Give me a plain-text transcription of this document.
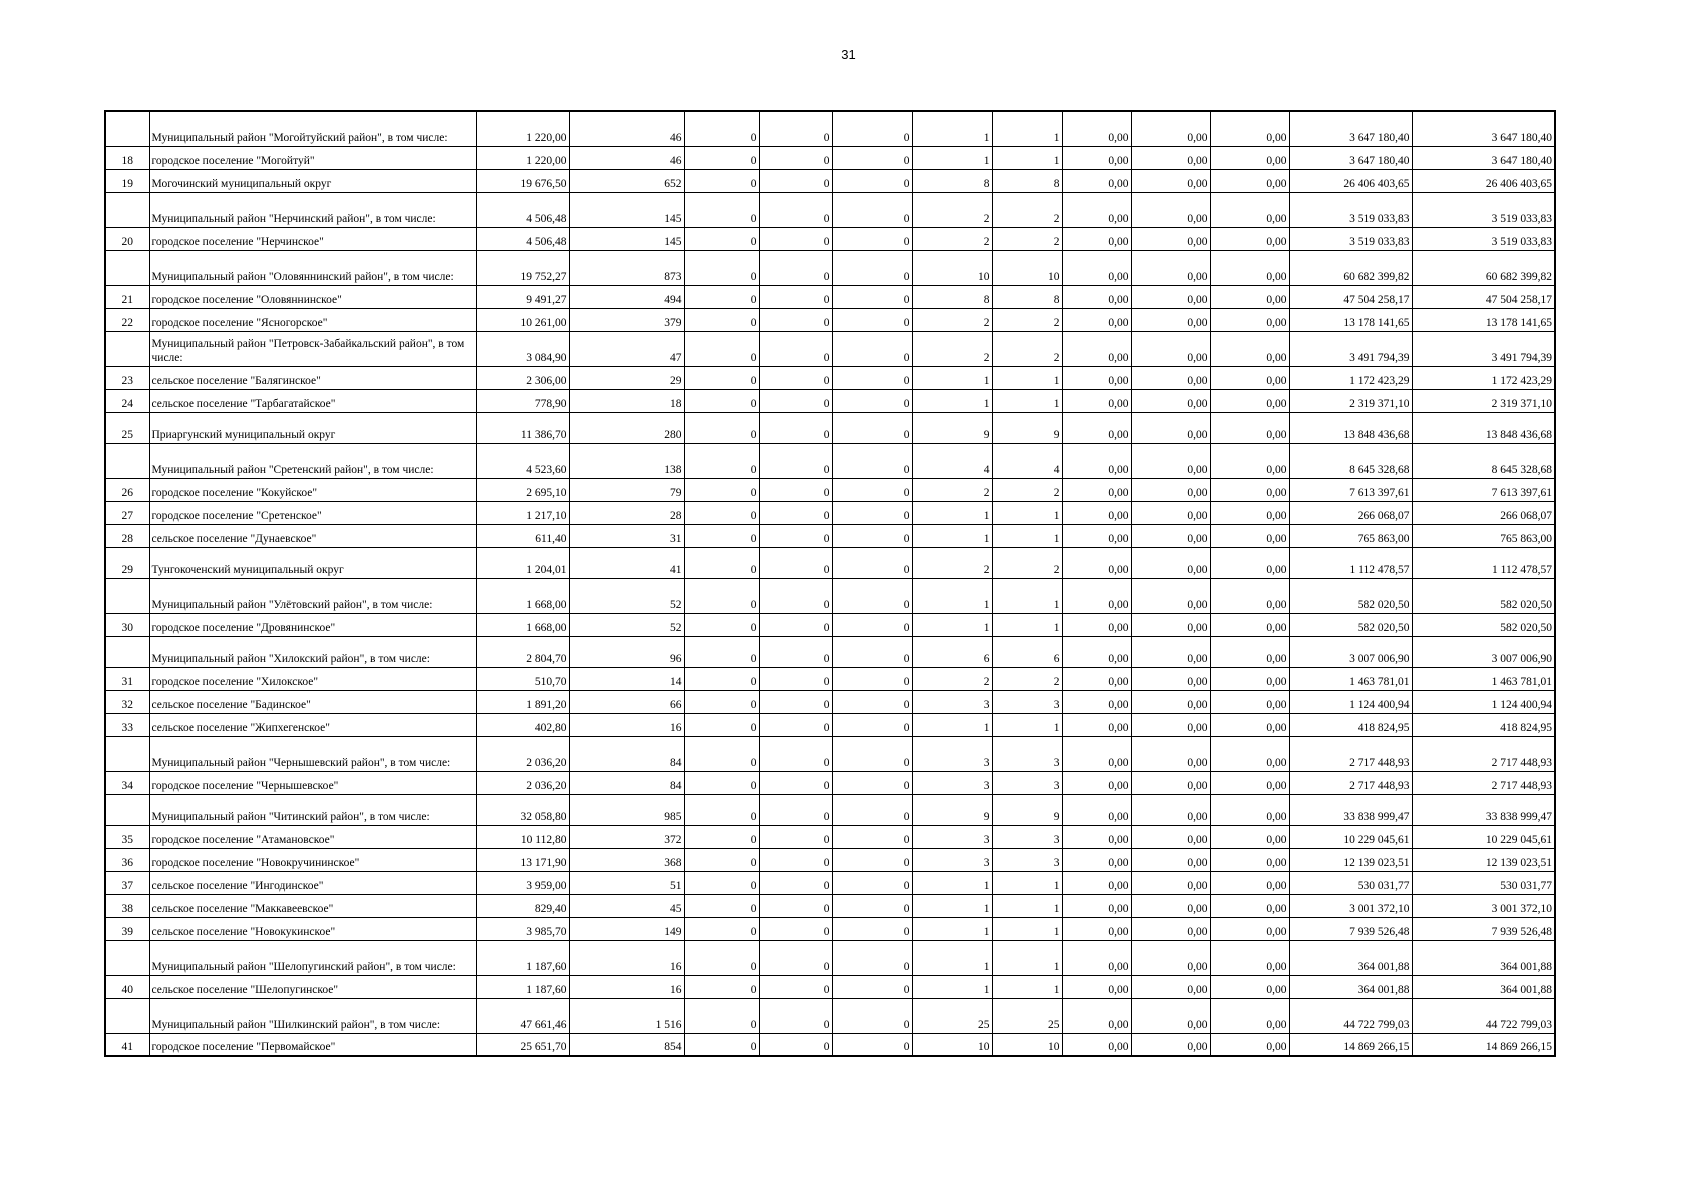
31
	Муниципальный район "Могойтуйский район", в том числе:	1 220,00	46	0	0	0	1	1	0,00	0,00	0,00	3 647 180,40	3 647 180,40
18	городское поселение "Могойтуй"	1 220,00	46	0	0	0	1	1	0,00	0,00	0,00	3 647 180,40	3 647 180,40
19	Могочинский муниципальный округ	19 676,50	652	0	0	0	8	8	0,00	0,00	0,00	26 406 403,65	26 406 403,65
	Муниципальный район "Нерчинский район", в том числе:	4 506,48	145	0	0	0	2	2	0,00	0,00	0,00	3 519 033,83	3 519 033,83
20	городское поселение "Нерчинское"	4 506,48	145	0	0	0	2	2	0,00	0,00	0,00	3 519 033,83	3 519 033,83
	Муниципальный район "Оловяннинский район", в том числе:	19 752,27	873	0	0	0	10	10	0,00	0,00	0,00	60 682 399,82	60 682 399,82
21	городское поселение "Оловяннинское"	9 491,27	494	0	0	0	8	8	0,00	0,00	0,00	47 504 258,17	47 504 258,17
22	городское поселение "Ясногорское"	10 261,00	379	0	0	0	2	2	0,00	0,00	0,00	13 178 141,65	13 178 141,65
	Муниципальный район "Петровск-Забайкальский район", в том числе:	3 084,90	47	0	0	0	2	2	0,00	0,00	0,00	3 491 794,39	3 491 794,39
23	сельское поселение "Балягинское"	2 306,00	29	0	0	0	1	1	0,00	0,00	0,00	1 172 423,29	1 172 423,29
24	сельское поселение "Тарбагатайское"	778,90	18	0	0	0	1	1	0,00	0,00	0,00	2 319 371,10	2 319 371,10
25	Приаргунский муниципальный округ	11 386,70	280	0	0	0	9	9	0,00	0,00	0,00	13 848 436,68	13 848 436,68
	Муниципальный район "Сретенский район", в том числе:	4 523,60	138	0	0	0	4	4	0,00	0,00	0,00	8 645 328,68	8 645 328,68
26	городское поселение "Кокуйское"	2 695,10	79	0	0	0	2	2	0,00	0,00	0,00	7 613 397,61	7 613 397,61
27	городское поселение "Сретенское"	1 217,10	28	0	0	0	1	1	0,00	0,00	0,00	266 068,07	266 068,07
28	сельское поселение "Дунаевское"	611,40	31	0	0	0	1	1	0,00	0,00	0,00	765 863,00	765 863,00
29	Тунгокоченский муниципальный округ	1 204,01	41	0	0	0	2	2	0,00	0,00	0,00	1 112 478,57	1 112 478,57
	Муниципальный район "Улётовский район", в том числе:	1 668,00	52	0	0	0	1	1	0,00	0,00	0,00	582 020,50	582 020,50
30	городское поселение "Дровянинское"	1 668,00	52	0	0	0	1	1	0,00	0,00	0,00	582 020,50	582 020,50
	Муниципальный район "Хилокский район", в том числе:	2 804,70	96	0	0	0	6	6	0,00	0,00	0,00	3 007 006,90	3 007 006,90
31	городское поселение "Хилокское"	510,70	14	0	0	0	2	2	0,00	0,00	0,00	1 463 781,01	1 463 781,01
32	сельское поселение "Бадинское"	1 891,20	66	0	0	0	3	3	0,00	0,00	0,00	1 124 400,94	1 124 400,94
33	сельское поселение "Жипхегенское"	402,80	16	0	0	0	1	1	0,00	0,00	0,00	418 824,95	418 824,95
	Муниципальный район "Чернышевский район", в том числе:	2 036,20	84	0	0	0	3	3	0,00	0,00	0,00	2 717 448,93	2 717 448,93
34	городское поселение "Чернышевское"	2 036,20	84	0	0	0	3	3	0,00	0,00	0,00	2 717 448,93	2 717 448,93
	Муниципальный район "Читинский район", в том числе:	32 058,80	985	0	0	0	9	9	0,00	0,00	0,00	33 838 999,47	33 838 999,47
35	городское поселение "Атамановское"	10 112,80	372	0	0	0	3	3	0,00	0,00	0,00	10 229 045,61	10 229 045,61
36	городское поселение "Новокручининское"	13 171,90	368	0	0	0	3	3	0,00	0,00	0,00	12 139 023,51	12 139 023,51
37	сельское поселение "Ингодинское"	3 959,00	51	0	0	0	1	1	0,00	0,00	0,00	530 031,77	530 031,77
38	сельское поселение "Маккавеевское"	829,40	45	0	0	0	1	1	0,00	0,00	0,00	3 001 372,10	3 001 372,10
39	сельское поселение "Новокукинское"	3 985,70	149	0	0	0	1	1	0,00	0,00	0,00	7 939 526,48	7 939 526,48
	Муниципальный район "Шелопугинский район", в том числе:	1 187,60	16	0	0	0	1	1	0,00	0,00	0,00	364 001,88	364 001,88
40	сельское поселение "Шелопугинское"	1 187,60	16	0	0	0	1	1	0,00	0,00	0,00	364 001,88	364 001,88
	Муниципальный район "Шилкинский район", в том числе:	47 661,46	1 516	0	0	0	25	25	0,00	0,00	0,00	44 722 799,03	44 722 799,03
41	городское поселение "Первомайское"	25 651,70	854	0	0	0	10	10	0,00	0,00	0,00	14 869 266,15	14 869 266,15
